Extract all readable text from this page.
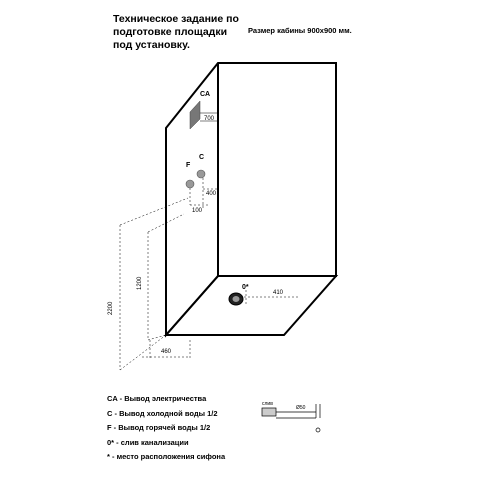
Техническое задание по подготовке площадки под установку.
Размер кабины 900х900 мм.
CA
700
F
C
400
100
2200
1200
460
0*
410
слив
Ø50
CA - Вывод электричества
C - Вывод холодной воды 1/2
F - Вывод горячей воды 1/2
0* - слив канализации
* - место расположения сифона
